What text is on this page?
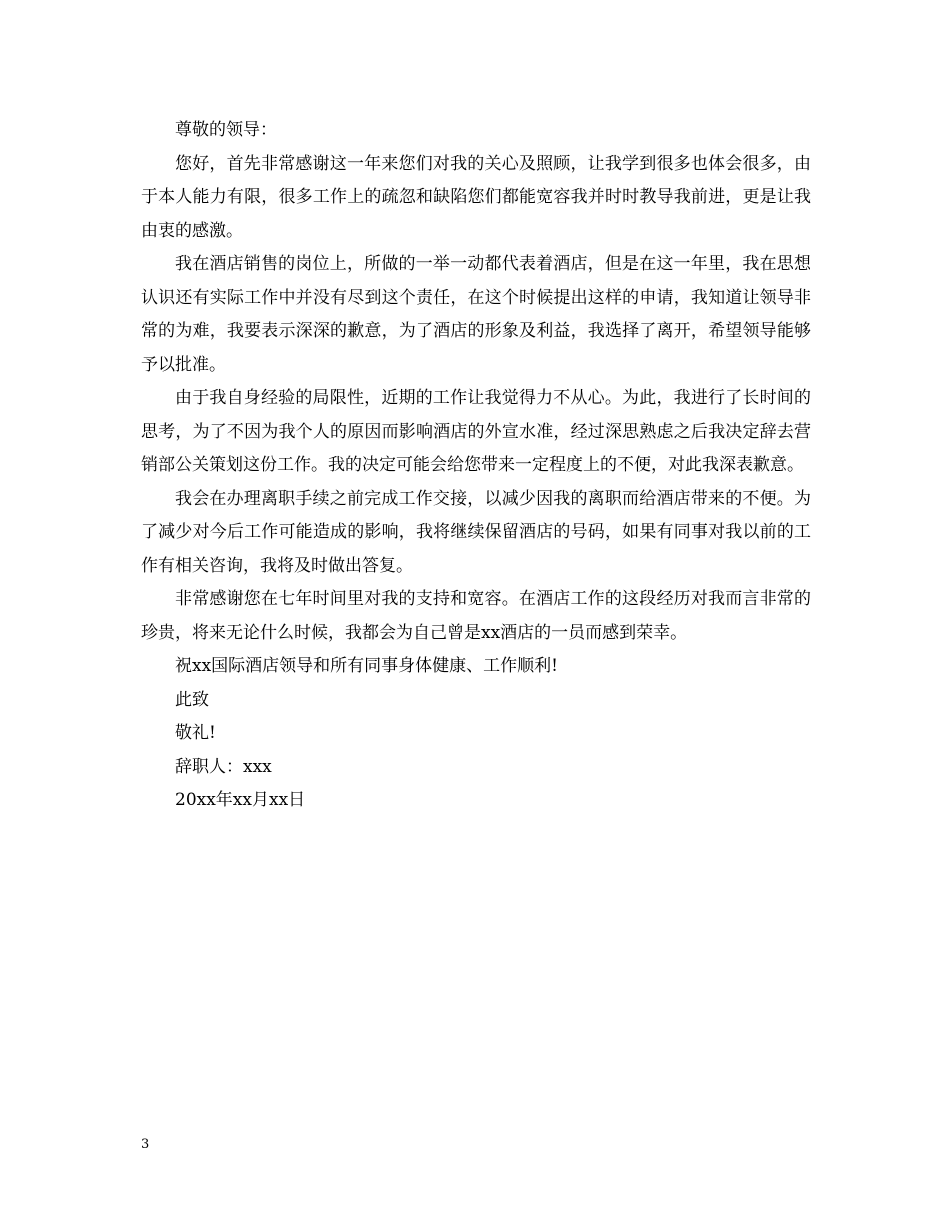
尊敬的领导：

您好，首先非常感谢这一年来您们对我的关心及照顾，让我学到很多也体会很多，由于本人能力有限，很多工作上的疏忽和缺陷您们都能宽容我并时时教导我前进，更是让我由衷的感激。

我在酒店销售的岗位上，所做的一举一动都代表着酒店，但是在这一年里，我在思想认识还有实际工作中并没有尽到这个责任，在这个时候提出这样的申请，我知道让领导非常的为难，我要表示深深的歉意，为了酒店的形象及利益，我选择了离开，希望领导能够予以批准。

由于我自身经验的局限性，近期的工作让我觉得力不从心。为此，我进行了长时间的思考，为了不因为我个人的原因而影响酒店的外宣水准，经过深思熟虑之后我决定辞去营销部公关策划这份工作。我的决定可能会给您带来一定程度上的不便，对此我深表歉意。

我会在办理离职手续之前完成工作交接，以减少因我的离职而给酒店带来的不便。为了减少对今后工作可能造成的影响，我将继续保留酒店的号码，如果有同事对我以前的工作有相关咨询，我将及时做出答复。

非常感谢您在七年时间里对我的支持和宽容。在酒店工作的这段经历对我而言非常的珍贵，将来无论什么时候，我都会为自己曾是xx酒店的一员而感到荣幸。

祝xx国际酒店领导和所有同事身体健康、工作顺利!

此致

敬礼!

辞职人：xxx

20xx年xx月xx日

3
